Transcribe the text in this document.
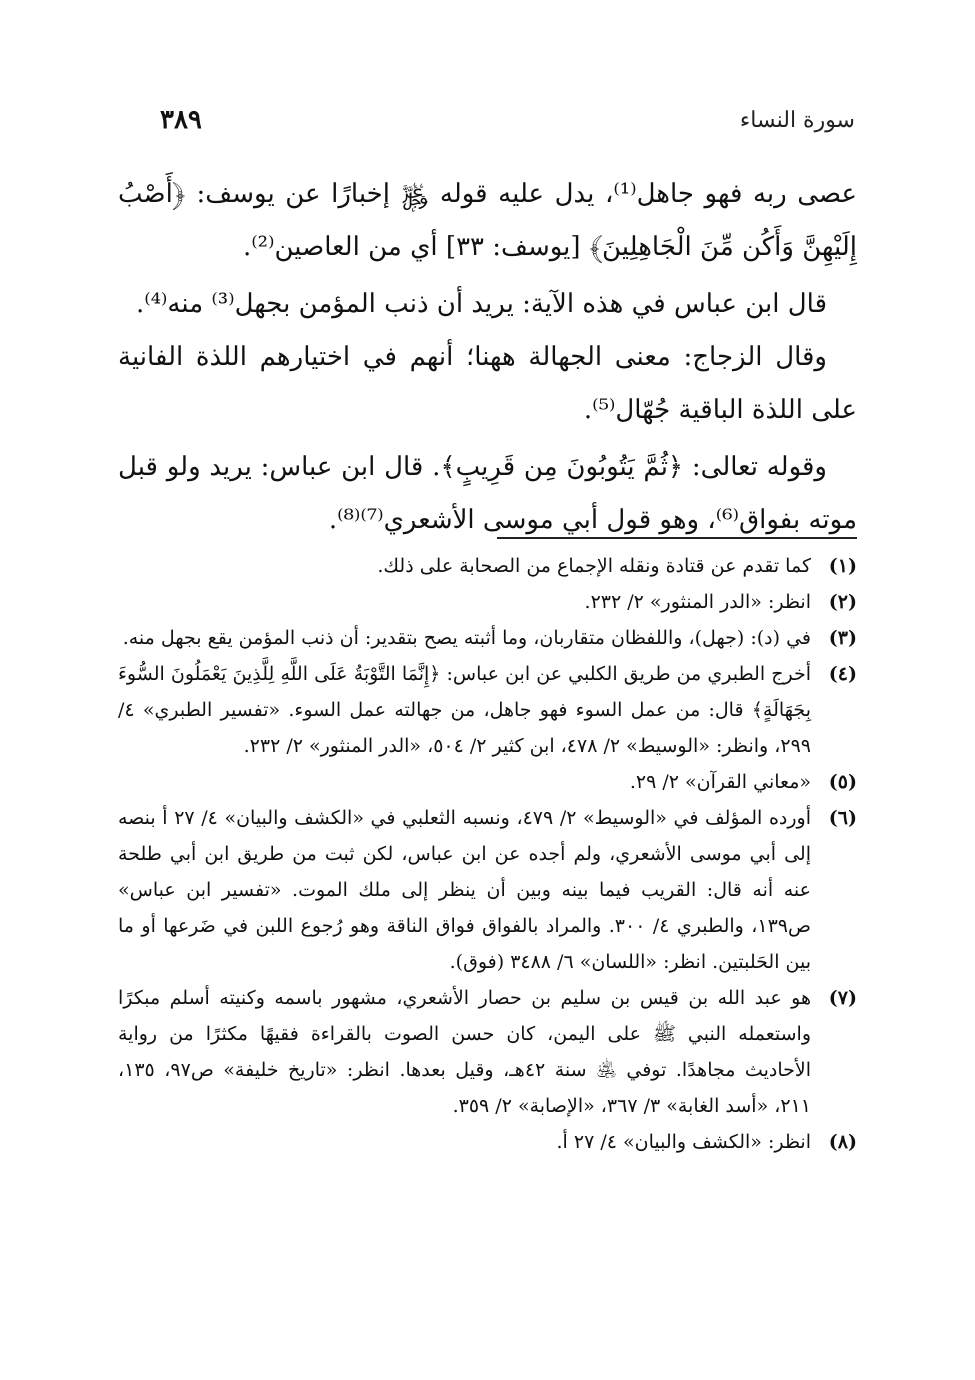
سورة النساء
٣٨٩

عصى ربه فهو جاهل⁽¹⁾، يدل عليه قوله ﷿ إخبارًا عن يوسف: ﴿أَصْبُ إِلَيْهِنَّ وَأَكُن مِّنَ الْجَاهِلِينَ﴾ [يوسف: ٣٣] أي من العاصين⁽²⁾.

قال ابن عباس في هذه الآية: يريد أن ذنب المؤمن بجهل⁽³⁾ منه⁽⁴⁾.

وقال الزجاج: معنى الجهالة ههنا؛ أنهم في اختيارهم اللذة الفانية على اللذة الباقية جُهّال⁽⁵⁾.

وقوله تعالى: ﴿ثُمَّ يَتُوبُونَ مِن قَرِيبٍ﴾. قال ابن عباس: يريد ولو قبل موته بفواق⁽⁶⁾، وهو قول أبي موسى الأشعري⁽⁷⁾⁽⁸⁾.

(١)
كما تقدم عن قتادة ونقله الإجماع من الصحابة على ذلك.
(٢)
انظر: «الدر المنثور» ٢/ ٢٣٢.
(٣)
في (د): (جهل)، واللفظان متقاربان، وما أثبته يصح بتقدير: أن ذنب المؤمن يقع بجهل منه.
(٤)
أخرج الطبري من طريق الكلبي عن ابن عباس: ﴿إِنَّمَا التَّوْبَةُ عَلَى اللَّهِ لِلَّذِينَ يَعْمَلُونَ السُّوءَ بِجَهَالَةٍ﴾ قال: من عمل السوء فهو جاهل، من جهالته عمل السوء. «تفسير الطبري» ٤/ ٢٩٩، وانظر: «الوسيط» ٢/ ٤٧٨، ابن كثير ٢/ ٥٠٤، «الدر المنثور» ٢/ ٢٣٢.
(٥)
«معاني القرآن» ٢/ ٢٩.
(٦)
أورده المؤلف في «الوسيط» ٢/ ٤٧٩، ونسبه الثعلبي في «الكشف والبيان» ٤/ ٢٧ أ بنصه إلى أبي موسى الأشعري، ولم أجده عن ابن عباس، لكن ثبت من طريق ابن أبي طلحة عنه أنه قال: القريب فيما بينه وبين أن ينظر إلى ملك الموت. «تفسير ابن عباس» ص١٣٩، والطبري ٤/ ٣٠٠. والمراد بالفواق فواق الناقة وهو رُجوع اللبن في ضَرعها أو ما بين الحَلبتين. انظر: «اللسان» ٦/ ٣٤٨٨ (فوق).
(٧)
هو عبد الله بن قيس بن سليم بن حصار الأشعري، مشهور باسمه وكنيته أسلم مبكرًا واستعمله النبي ﷺ على اليمن، كان حسن الصوت بالقراءة فقيهًا مكثرًا من رواية الأحاديث مجاهدًا. توفي ﵁ سنة ٤٢هـ، وقيل بعدها. انظر: «تاريخ خليفة» ص٩٧، ١٣٥، ٢١١، «أسد الغابة» ٣/ ٣٦٧، «الإصابة» ٢/ ٣٥٩.
(٨)
انظر: «الكشف والبيان» ٤/ ٢٧ أ.
